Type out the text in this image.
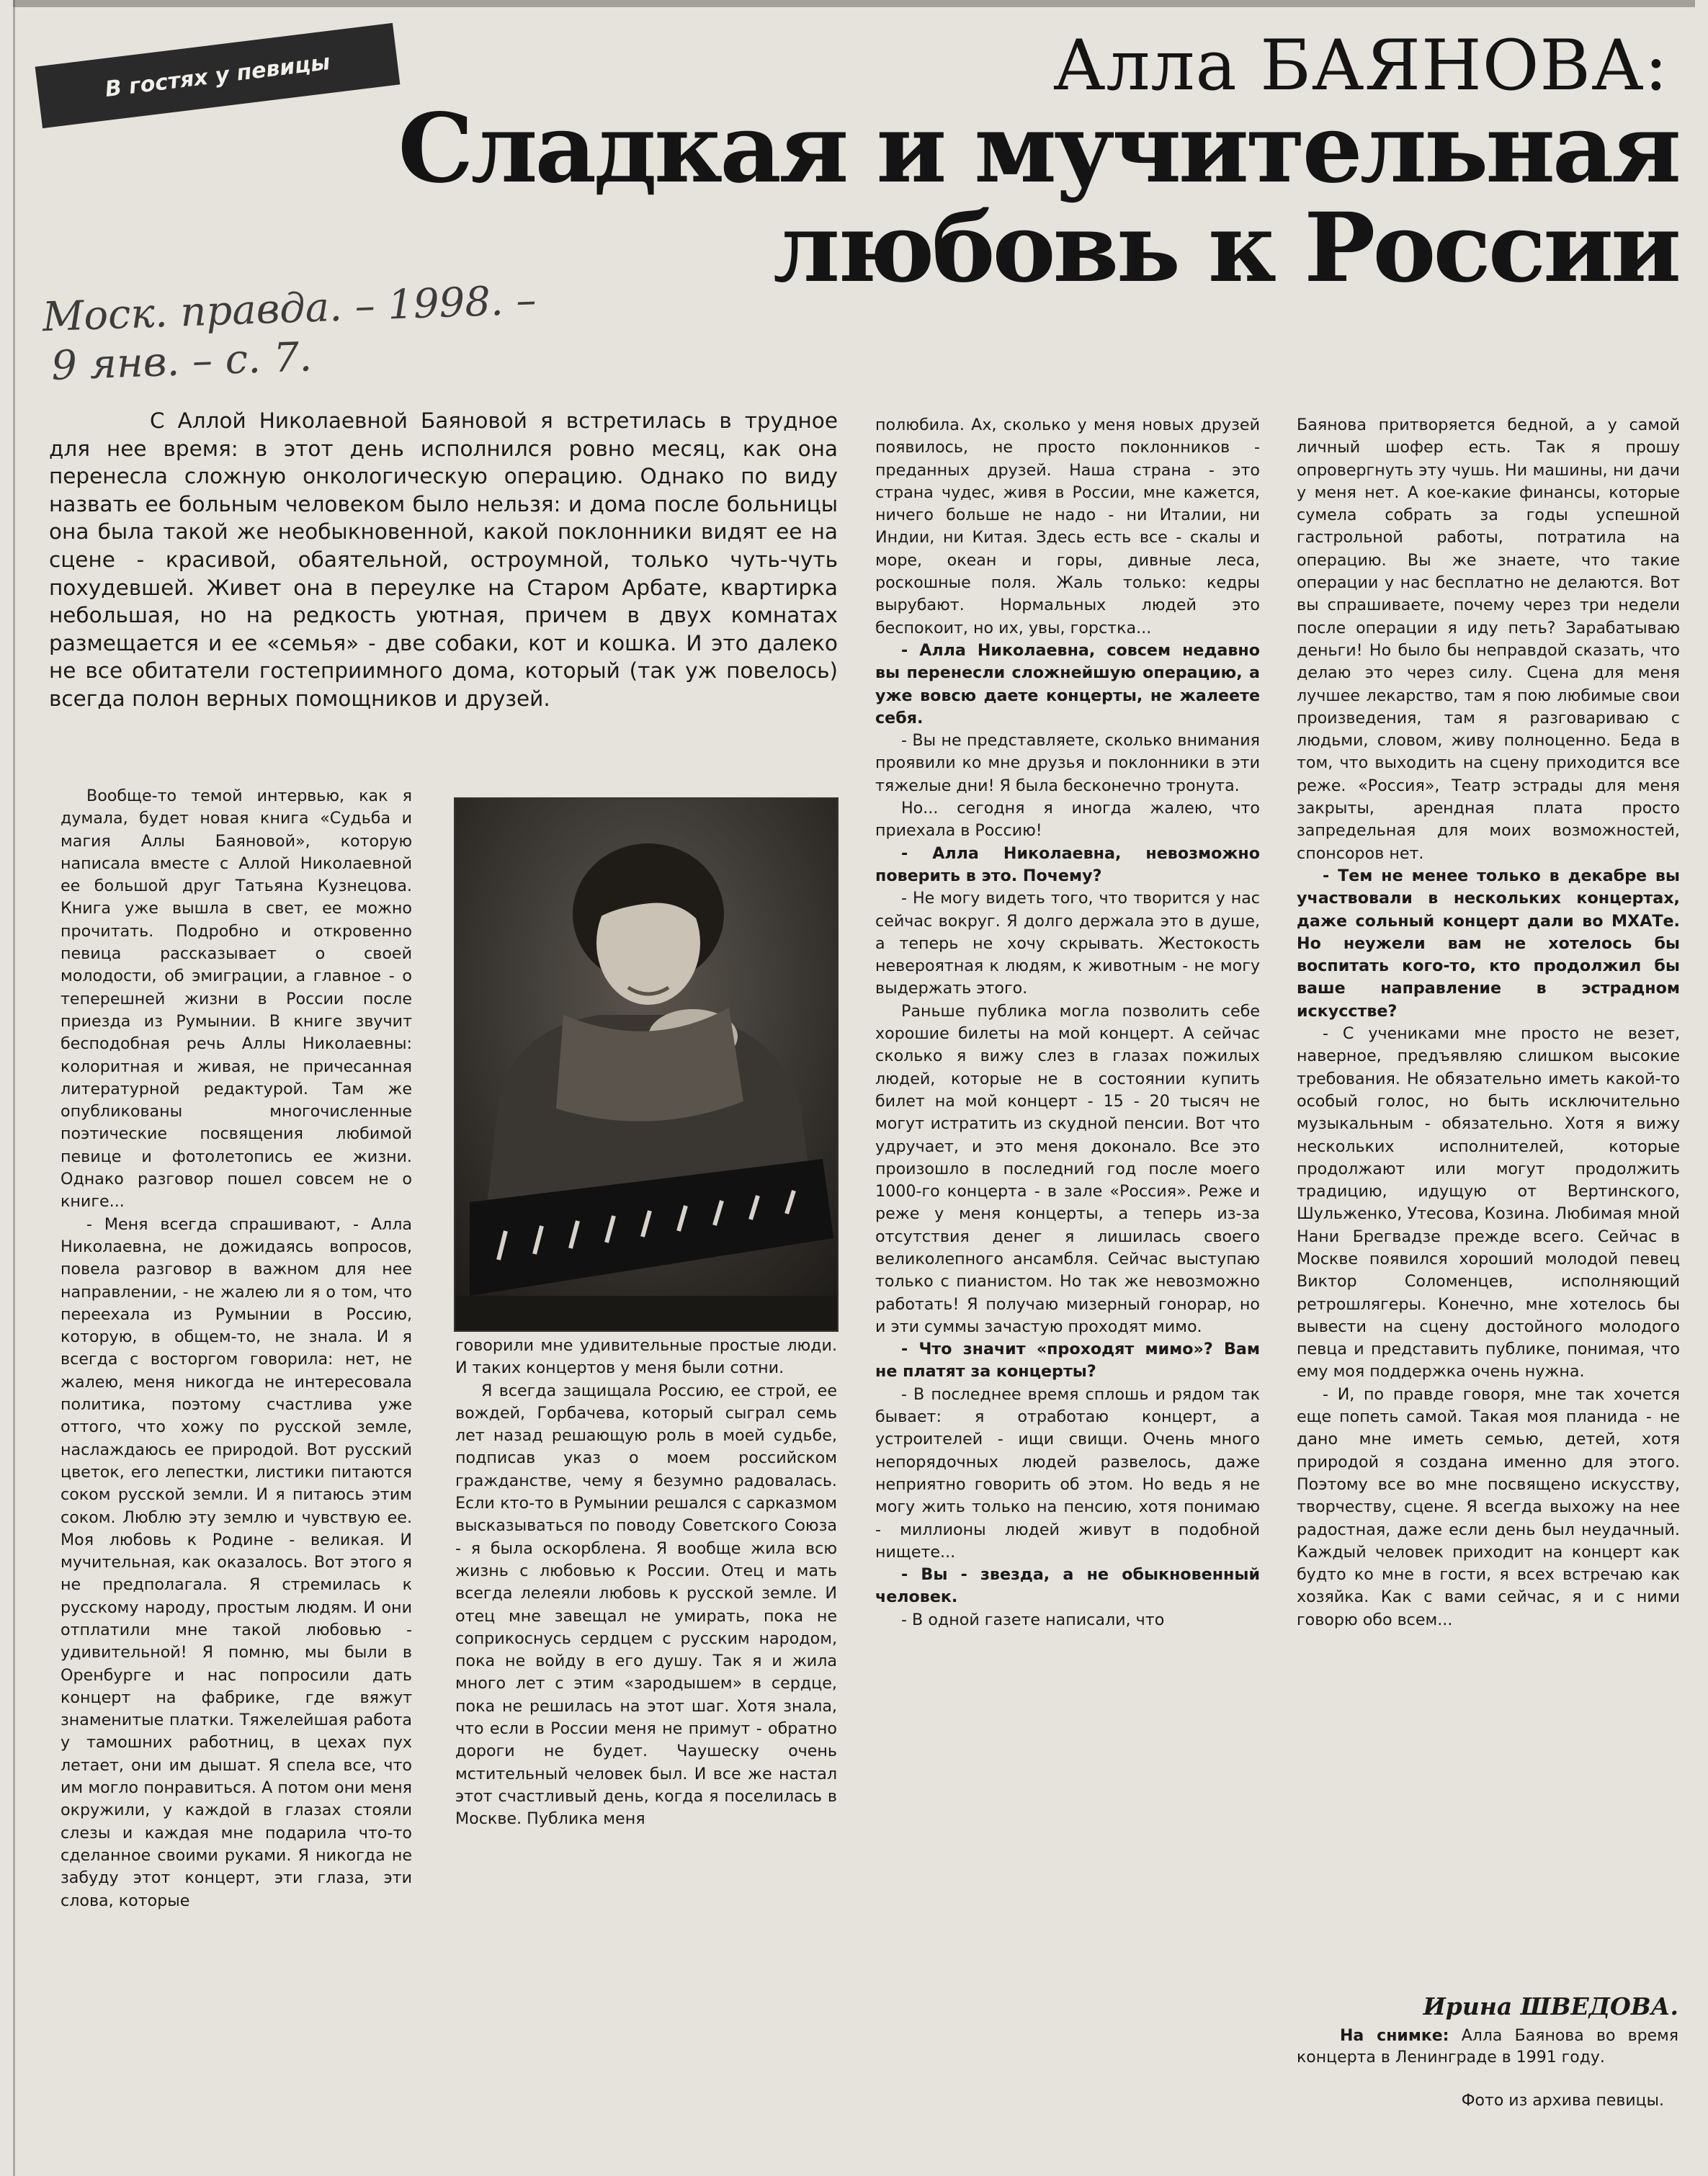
В гостях у певицы	Алла БАЯНОВА:
Сладкая и мучительная
любовь к России
Моск. правда. – 1998. –
9 янв. – с. 7.

С Аллой Николаевной Баяновой я встретилась в трудное для нее время: в этот день исполнился ровно месяц, как она перенесла сложную онкологическую операцию. Однако по виду назвать ее больным человеком было нельзя: и дома после больницы она была такой же необыкновенной, какой поклонники видят ее на сцене - красивой, обаятельной, остроумной, только чуть-чуть похудевшей. Живет она в переулке на Старом Арбате, квартирка небольшая, но на редкость уютная, причем в двух комнатах размещается и ее «семья» - две собаки, кот и кошка. И это далеко не все обитатели гостеприимного дома, который (так уж повелось) всегда полон верных помощников и друзей.

Вообще-то темой интервью, как я думала, будет новая книга «Судьба и магия Аллы Баяновой», которую написала вместе с Аллой Николаевной ее большой друг Татьяна Кузнецова. Книга уже вышла в свет, ее можно прочитать. Подробно и откровенно певица рассказывает о своей молодости, об эмиграции, а главное - о теперешней жизни в России после приезда из Румынии. В книге звучит бесподобная речь Аллы Николаевны: колоритная и живая, не причесанная литературной редактурой. Там же опубликованы многочисленные поэтические посвящения любимой певице и фотолетопись ее жизни. Однако разговор пошел совсем не о книге...

- Меня всегда спрашивают, - Алла Николаевна, не дожидаясь вопросов, повела разговор в важном для нее направлении, - не жалею ли я о том, что переехала из Румынии в Россию, которую, в общем-то, не знала. И я всегда с восторгом говорила: нет, не жалею, меня никогда не интересовала политика, поэтому счастлива уже оттого, что хожу по русской земле, наслаждаюсь ее природой. Вот русский цветок, его лепестки, листики питаются соком русской земли. И я питаюсь этим соком. Люблю эту землю и чувствую ее. Моя любовь к Родине - великая. И мучительная, как оказалось. Вот этого я не предполагала. Я стремилась к русскому народу, простым людям. И они отплатили мне такой любовью - удивительной! Я помню, мы были в Оренбурге и нас попросили дать концерт на фабрике, где вяжут знаменитые платки. Тяжелейшая работа у тамошних работниц, в цехах пух летает, они им дышат. Я спела все, что им могло понравиться. А потом они меня окружили, у каждой в глазах стояли слезы и каждая мне подарила что-то сделанное своими руками. Я никогда не забуду этот концерт, эти глаза, эти слова, которые

говорили мне удивительные простые люди. И таких концертов у меня были сотни.

Я всегда защищала Россию, ее строй, ее вождей, Горбачева, который сыграл семь лет назад решающую роль в моей судьбе, подписав указ о моем российском гражданстве, чему я безумно радовалась. Если кто-то в Румынии решался с сарказмом высказываться по поводу Советского Союза - я была оскорблена. Я вообще жила всю жизнь с любовью к России. Отец и мать всегда лелеяли любовь к русской земле. И отец мне завещал не умирать, пока не соприкоснусь сердцем с русским народом, пока не войду в его душу. Так я и жила много лет с этим «зародышем» в сердце, пока не решилась на этот шаг. Хотя знала, что если в России меня не примут - обратно дороги не будет. Чаушеску очень мстительный человек был. И все же настал этот счастливый день, когда я поселилась в Москве. Публика меня

полюбила. Ах, сколько у меня новых друзей появилось, не просто поклонников - преданных друзей. Наша страна - это страна чудес, живя в России, мне кажется, ничего больше не надо - ни Италии, ни Индии, ни Китая. Здесь есть все - скалы и море, океан и горы, дивные леса, роскошные поля. Жаль только: кедры вырубают. Нормальных людей это беспокоит, но их, увы, горстка...

- Алла Николаевна, совсем недавно вы перенесли сложнейшую операцию, а уже вовсю даете концерты, не жалеете себя.

- Вы не представляете, сколько внимания проявили ко мне друзья и поклонники в эти тяжелые дни! Я была бесконечно тронута.

Но... сегодня я иногда жалею, что приехала в Россию!

- Алла Николаевна, невозможно поверить в это. Почему?

- Не могу видеть того, что творится у нас сейчас вокруг. Я долго держала это в душе, а теперь не хочу скрывать. Жестокость невероятная к людям, к животным - не могу выдержать этого.

Раньше публика могла позволить себе хорошие билеты на мой концерт. А сейчас сколько я вижу слез в глазах пожилых людей, которые не в состоянии купить билет на мой концерт - 15 - 20 тысяч не могут истратить из скудной пенсии. Вот что удручает, и это меня доконало. Все это произошло в последний год после моего 1000-го концерта - в зале «Россия». Реже и реже у меня концерты, а теперь из-за отсутствия денег я лишилась своего великолепного ансамбля. Сейчас выступаю только с пианистом. Но так же невозможно работать! Я получаю мизерный гонорар, но и эти суммы зачастую проходят мимо.

- Что значит «проходят мимо»? Вам не платят за концерты?

- В последнее время сплошь и рядом так бывает: я отработаю концерт, а устроителей - ищи свищи. Очень много непорядочных людей развелось, даже неприятно говорить об этом. Но ведь я не могу жить только на пенсию, хотя понимаю - миллионы людей живут в подобной нищете...

- Вы - звезда, а не обыкновенный человек.

- В одной газете написали, что

Баянова притворяется бедной, а у самой личный шофер есть. Так я прошу опровергнуть эту чушь. Ни машины, ни дачи у меня нет. А кое-какие финансы, которые сумела собрать за годы успешной гастрольной работы, потратила на операцию. Вы же знаете, что такие операции у нас бесплатно не делаются. Вот вы спрашиваете, почему через три недели после операции я иду петь? Зарабатываю деньги! Но было бы неправдой сказать, что делаю это через силу. Сцена для меня лучшее лекарство, там я пою любимые свои произведения, там я разговариваю с людьми, словом, живу полноценно. Беда в том, что выходить на сцену приходится все реже. «Россия», Театр эстрады для меня закрыты, арендная плата просто запредельная для моих возможностей, спонсоров нет.

- Тем не менее только в декабре вы участвовали в нескольких концертах, даже сольный концерт дали во МХАТе. Но неужели вам не хотелось бы воспитать кого-то, кто продолжил бы ваше направление в эстрадном искусстве?

- С учениками мне просто не везет, наверное, предъявляю слишком высокие требования. Не обязательно иметь какой-то особый голос, но быть исключительно музыкальным - обязательно. Хотя я вижу нескольких исполнителей, которые продолжают или могут продолжить традицию, идущую от Вертинского, Шульженко, Утесова, Козина. Любимая мной Нани Брегвадзе прежде всего. Сейчас в Москве появился хороший молодой певец Виктор Соломенцев, исполняющий ретрошлягеры. Конечно, мне хотелось бы вывести на сцену достойного молодого певца и представить публике, понимая, что ему моя поддержка очень нужна.

- И, по правде говоря, мне так хочется еще попеть самой. Такая моя планида - не дано мне иметь семью, детей, хотя природой я создана именно для этого. Поэтому все во мне посвящено искусству, творчеству, сцене. Я всегда выхожу на нее радостная, даже если день был неудачный. Каждый человек приходит на концерт как будто ко мне в гости, я всех встречаю как хозяйка. Как с вами сейчас, я и с ними говорю обо всем...

Ирина ШВЕДОВА.

На снимке: Алла Баянова во время концерта в Ленинграде в 1991 году.

Фото из архива певицы.
